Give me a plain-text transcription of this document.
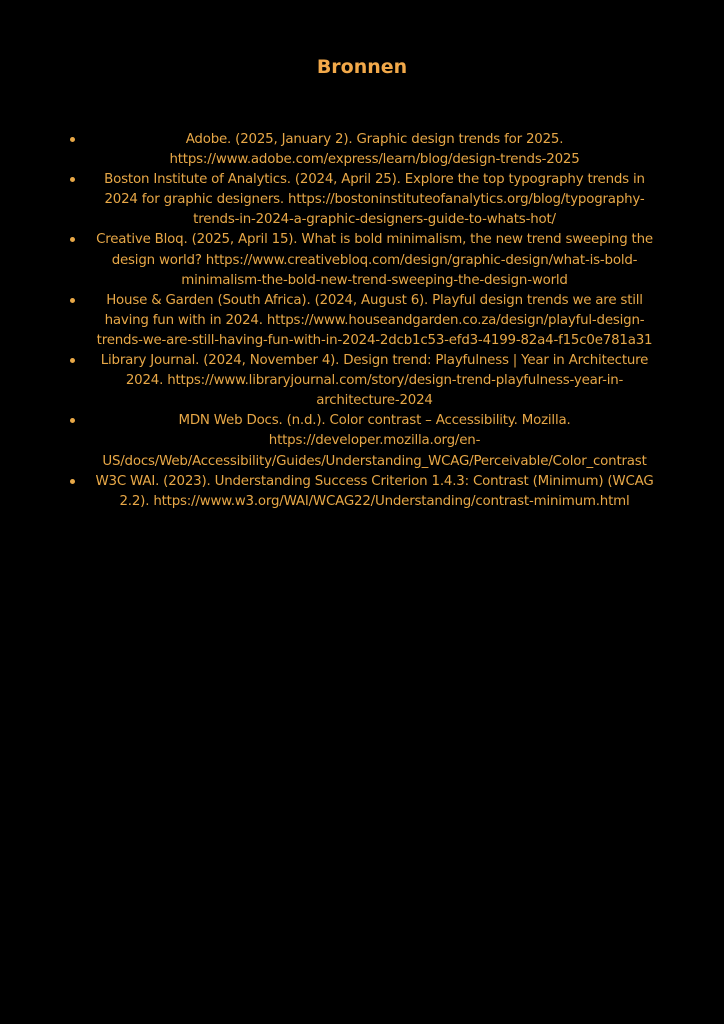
Bronnen
Adobe. (2025, January 2). Graphic design trends for 2025. https://www.adobe.com/express/learn/blog/design-trends-2025
Boston Institute of Analytics. (2024, April 25). Explore the top typography trends in 2024 for graphic designers. https://bostoninstituteofanalytics.org/blog/typography-trends-in-2024-a-graphic-designers-guide-to-whats-hot/
Creative Bloq. (2025, April 15). What is bold minimalism, the new trend sweeping the design world? https://www.creativebloq.com/design/graphic-design/what-is-bold-minimalism-the-bold-new-trend-sweeping-the-design-world
House & Garden (South Africa). (2024, August 6). Playful design trends we are still having fun with in 2024. https://www.houseandgarden.co.za/design/playful-design-trends-we-are-still-having-fun-with-in-2024-2dcb1c53-efd3-4199-82a4-f15c0e781a31
Library Journal. (2024, November 4). Design trend: Playfulness | Year in Architecture 2024. https://www.libraryjournal.com/story/design-trend-playfulness-year-in-architecture-2024
MDN Web Docs. (n.d.). Color contrast – Accessibility. Mozilla. https://developer.mozilla.org/en-US/docs/Web/Accessibility/Guides/Understanding_WCAG/Perceivable/Color_contrast
W3C WAI. (2023). Understanding Success Criterion 1.4.3: Contrast (Minimum) (WCAG 2.2). https://www.w3.org/WAI/WCAG22/Understanding/contrast-minimum.html
